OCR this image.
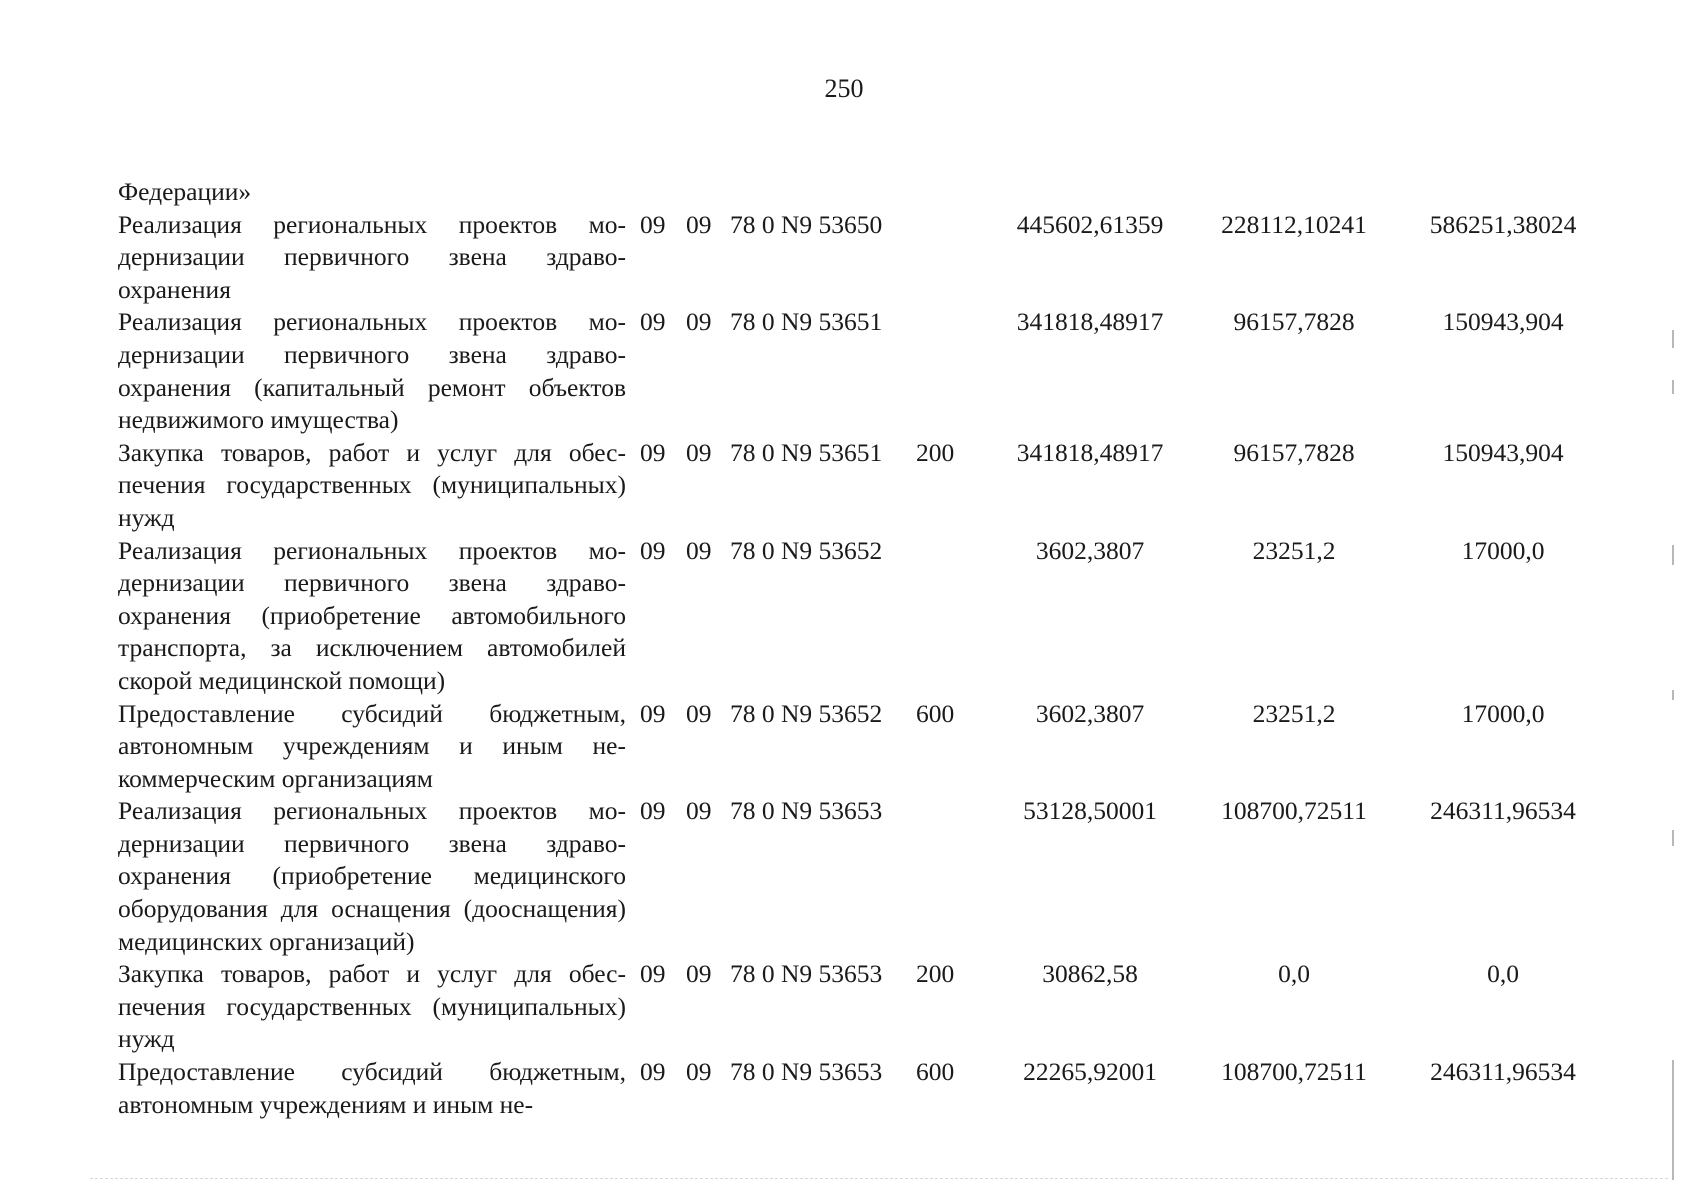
250
Федерации»							
Реализация региональных проектов модернизации первичного звена здравоохранения	09	09	78 0 N9 53650		445602,61359	228112,10241	586251,38024
Реализация региональных проектов модернизации первичного звена здравоохранения (капитальный ремонт объектов недвижимого имущества)	09	09	78 0 N9 53651		341818,48917	96157,7828	150943,904
Закупка товаров, работ и услуг для обеспечения государственных (муниципальных) нужд	09	09	78 0 N9 53651	200	341818,48917	96157,7828	150943,904
Реализация региональных проектов модернизации первичного звена здравоохранения (приобретение автомобильного транспорта, за исключением автомобилей скорой медицинской помощи)	09	09	78 0 N9 53652		3602,3807	23251,2	17000,0
Предоставление субсидий бюджетным, автономным учреждениям и иным некоммерческим организациям	09	09	78 0 N9 53652	600	3602,3807	23251,2	17000,0
Реализация региональных проектов модернизации первичного звена здравоохранения (приобретение медицинского оборудования для оснащения (дооснащения) медицинских организаций)	09	09	78 0 N9 53653		53128,50001	108700,72511	246311,96534
Закупка товаров, работ и услуг для обеспечения государственных (муниципальных) нужд	09	09	78 0 N9 53653	200	30862,58	0,0	0,0
Предоставление субсидий бюджетным, автономным учреждениям и иным не-	09	09	78 0 N9 53653	600	22265,92001	108700,72511	246311,96534
